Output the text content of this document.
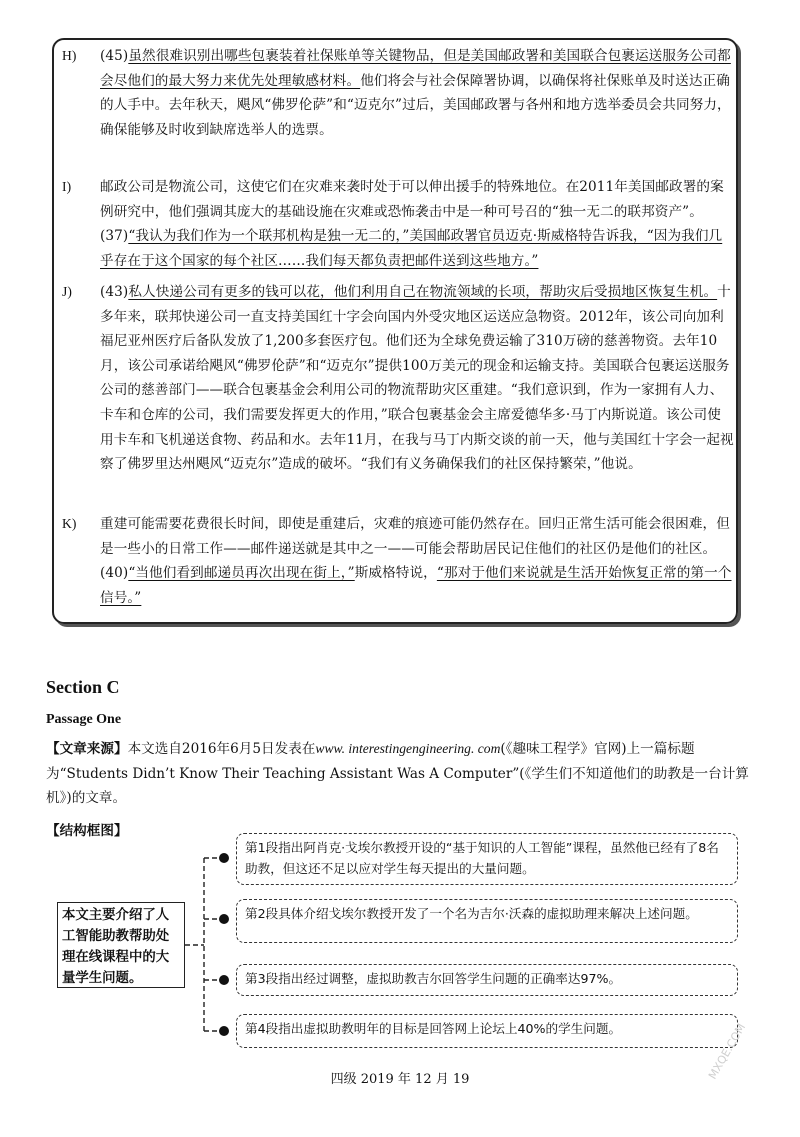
H)	(45)虽然很难识别出哪些包裹装着社保账单等关键物品，但是美国邮政署和美国联合包裹运送服务公司都会尽他们的最大努力来优先处理敏感材料。他们将会与社会保障署协调，以确保将社保账单及时送达正确的人手中。去年秋天，飓风“佛罗伦萨”和“迈克尔”过后，美国邮政署与各州和地方选举委员会共同努力，确保能够及时收到缺席选举人的选票。
I)	邮政公司是物流公司，这使它们在灾难来袭时处于可以伸出援手的特殊地位。在2011年美国邮政署的案例研究中，他们强调其庞大的基础设施在灾难或恐怖袭击中是一种可号召的“独一无二的联邦资产”。(37)“我认为我们作为一个联邦机构是独一无二的，”美国邮政署官员迈克·斯威格特告诉我，“因为我们几乎存在于这个国家的每个社区……我们每天都负责把邮件送到这些地方。”
J)	(43)私人快递公司有更多的钱可以花，他们利用自己在物流领域的长项，帮助灾后受损地区恢复生机。十多年来，联邦快递公司一直支持美国红十字会向国内外受灾地区运送应急物资。2012年，该公司向加利福尼亚州医疗后备队发放了1,200多套医疗包。他们还为全球免费运输了310万磅的慈善物资。去年10月，该公司承诺给飓风“佛罗伦萨”和“迈克尔”提供100万美元的现金和运输支持。美国联合包裹运送服务公司的慈善部门——联合包裹基金会利用公司的物流帮助灾区重建。“我们意识到，作为一家拥有人力、卡车和仓库的公司，我们需要发挥更大的作用，”联合包裹基金会主席爱德华多·马丁内斯说道。该公司使用卡车和飞机递送食物、药品和水。去年11月，在我与马丁内斯交谈的前一天，他与美国红十字会一起视察了佛罗里达州飓风“迈克尔”造成的破坏。“我们有义务确保我们的社区保持繁荣，”他说。
K)	重建可能需要花费很长时间，即使是重建后，灾难的痕迹可能仍然存在。回归正常生活可能会很困难，但是一些小的日常工作——邮件递送就是其中之一——可能会帮助居民记住他们的社区仍是他们的社区。(40)“当他们看到邮递员再次出现在街上，”斯威格特说，“那对于他们来说就是生活开始恢复正常的第一个信号。”
Section C
Passage One
【文章来源】本文选自2016年6月5日发表在www. interestingengineering. com(《趣味工程学》官网)上一篇标题为“Students Didn’t Know Their Teaching Assistant Was A Computer”(《学生们不知道他们的助教是一台计算机》)的文章。
【结构框图】
本文主要介绍了人工智能助教帮助处理在线课程中的大量学生问题。
第1段指出阿肖克·戈埃尔教授开设的“基于知识的人工智能”课程，虽然他已经有了8名助教，但这还不足以应对学生每天提出的大量问题。
第2段具体介绍戈埃尔教授开发了一个名为吉尔·沃森的虚拟助理来解决上述问题。
第3段指出经过调整，虚拟助教吉尔回答学生问题的正确率达97%。
第4段指出虚拟助教明年的目标是回答网上论坛上40%的学生问题。
四级 2019 年 12 月 19	MXQE.COM
